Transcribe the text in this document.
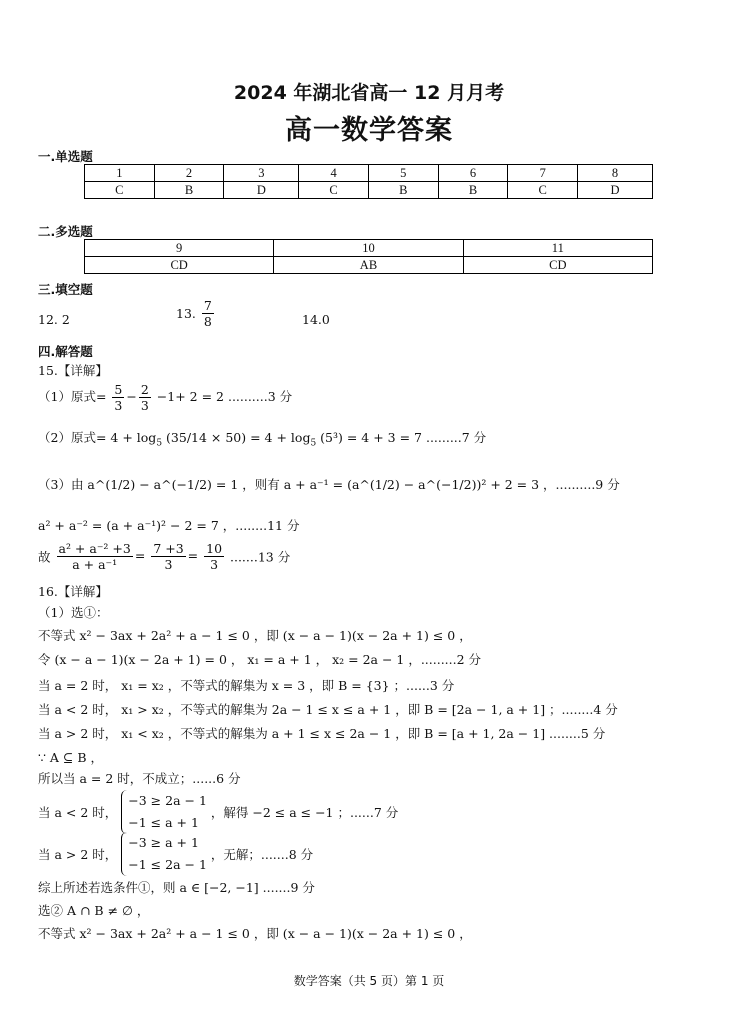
2024 年湖北省高一 12 月月考
高一数学答案
一.单选题
1	2	3	4	5	6	7	8
C	B	D	C	B	B	C	D
二.多选题
9	10	11
CD	AB	CD
三.填空题
12. 2	13. $\frac{7}{8}$	14.0
四.解答题
15.【详解】
（1）原式= $\frac{5}{3} - \frac{2}{3} -1+ 2 = 2$ ..........3 分
（2）原式= $4 + \log_5 (35/14 \times 50) = 4 + \log_5 (5^3) = 4 + 3 = 7$ .........7 分
（3）由 a^(1/2) − a^(−1/2) = 1 ，则有 a + a⁻¹ = (a^(1/2) − a^(−1/2))² + 2 = 3 ，..........9 分
a² + a⁻² = (a + a⁻¹)² − 2 = 7 ，........11 分
故 $\frac{\text{a² + a⁻² +3}}{\text{a + a⁻¹}} = \frac{7 +3}{3} = \frac{10}{3} .......13$ 分
16.【详解】
（1）选①：
不等式 x² − 3ax + 2a² + a − 1 ≤ 0 ，即 (x − a − 1)(x − 2a + 1) ≤ 0 ，
令 (x − a − 1)(x − 2a + 1) = 0 ， x₁ = a + 1 ， x₂ = 2a − 1 ，.........2 分
当 a = 2 时， x₁ = x₂ ，不等式的解集为 x = 3 ，即 B = {3} ；......3 分
当 a < 2 时， x₁ > x₂ ，不等式的解集为 2a − 1 ≤ x ≤ a + 1 ，即 B = [2a − 1, a + 1] ；........4 分
当 a > 2 时， x₁ < x₂ ，不等式的解集为 a + 1 ≤ x ≤ 2a − 1 ，即 B = [a + 1, 2a − 1] ........5 分
∵ A ⊆ B ，
所以当 a = 2 时，不成立；......6 分
当 a < 2 时， −3 ≥ 2a − 1
−1 ≤ a + 1 ，解得 −2 ≤ a ≤ −1 ；......7 分
当 a > 2 时， −3 ≥ a + 1
−1 ≤ 2a − 1 ，无解；.......8 分
综上所述若选条件①，则 a ∈ [−2, −1] .......9 分
选② A ∩ B ≠ ∅ ，
不等式 x² − 3ax + 2a² + a − 1 ≤ 0 ，即 (x − a − 1)(x − 2a + 1) ≤ 0 ，
数学答案（共 5 页）第 1 页
